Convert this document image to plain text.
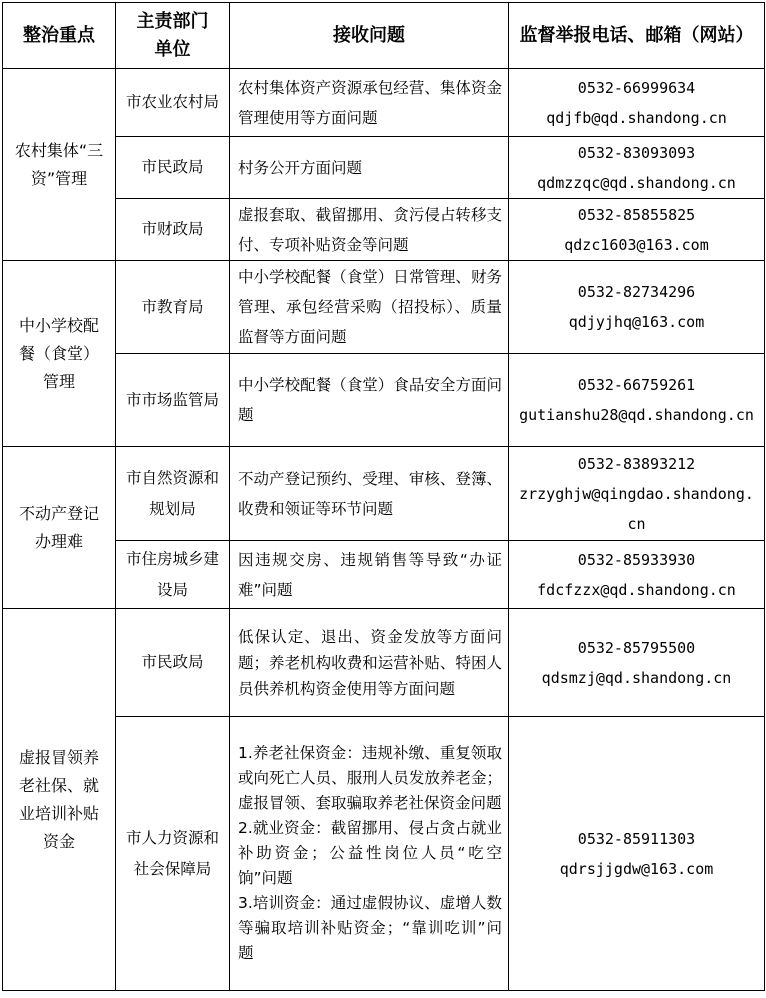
整治重点	主责部门单位	接收问题	监督举报电话、邮箱（网站）
农村集体“三资”管理	市农业农村局	农村集体资产资源承包经营、集体资金管理使用等方面问题	0532-66999634
qdjfb@qd.shandong.cn

	市民政局	村务公开方面问题	0532-83093093
qdmzzqc@qd.shandong.cn

	市财政局	虚报套取、截留挪用、贪污侵占转移支付、专项补贴资金等问题	0532-85855825
qdzc1603@163.com

中小学校配餐（食堂）管理	市教育局	中小学校配餐（食堂）日常管理、财务管理、承包经营采购（招投标）、质量监督等方面问题	0532-82734296
qdjyjhq@163.com

	市市场监管局	中小学校配餐（食堂）食品安全方面问题	0532-66759261
gutianshu28@qd.shandong.cn

不动产登记办理难	市自然资源和规划局	不动产登记预约、受理、审核、登簿、收费和领证等环节问题	0532-83893212
zrzyghjw@qingdao.shandong.cn

	市住房城乡建设局	因违规交房、违规销售等导致“办证难”问题	0532-85933930
fdcfzzx@qd.shandong.cn

虚报冒领养老社保、就业培训补贴资金	市民政局	低保认定、退出、资金发放等方面问题；养老机构收费和运营补贴、特困人员供养机构资金使用等方面问题	0532-85795500
qdsmzj@qd.shandong.cn

	市人力资源和社会保障局	1.养老社保资金：违规补缴、重复领取或向死亡人员、服刑人员发放养老金；虚报冒领、套取骗取养老社保资金问题
2.就业资金：截留挪用、侵占贪占就业补助资金；公益性岗位人员“吃空饷”问题
3.培训资金：通过虚假协议、虚增人数等骗取培训补贴资金；“靠训吃训”问题	0532-85911303
qdrsjjgdw@163.com
